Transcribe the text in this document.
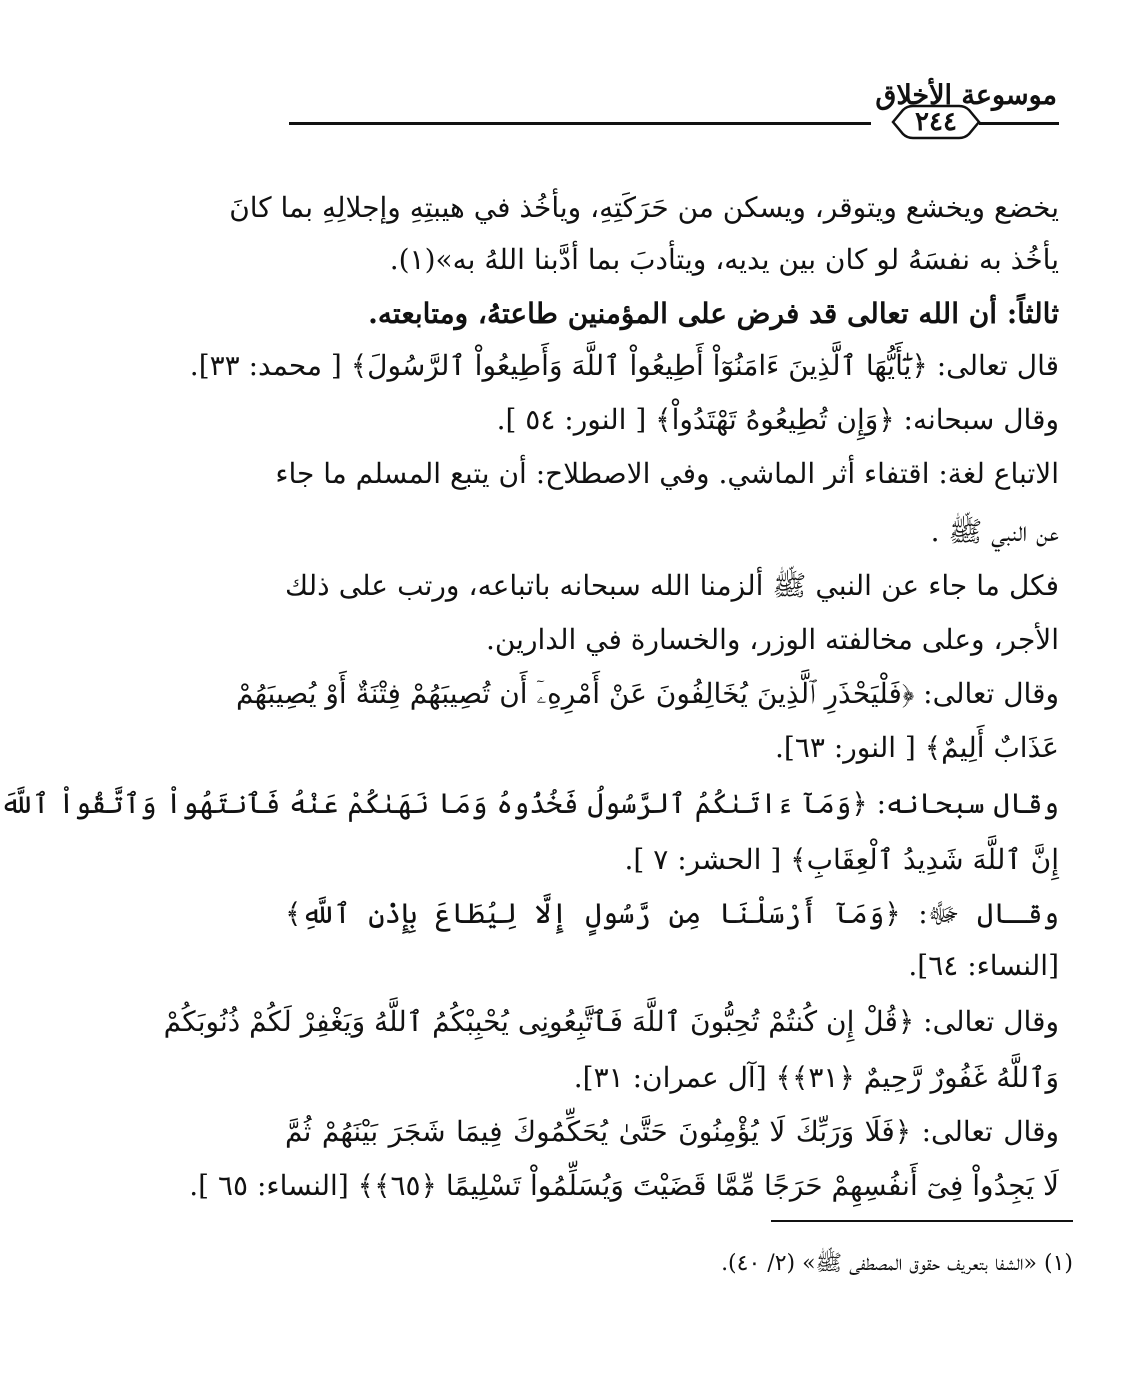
موسوعة الأخلاق
٢٤٤
يخضع ويخشع ويتوقر، ويسكن من حَرَكَتِهِ، ويأخُذ في هيبتِهِ وإجلالِهِ بما كانَ
يأخُذ به نفسَهُ لو كان بين يديه، ويتأدبَ بما أدَّبنا اللهُ به»(١).
ثالثاً: أن الله تعالى قد فرض على المؤمنين طاعتهُ، ومتابعته.
قال تعالى: ﴿يَٰٓأَيُّهَا ٱلَّذِينَ ءَامَنُوٓاْ أَطِيعُواْ ٱللَّهَ وَأَطِيعُواْ ٱلرَّسُولَ﴾ [ محمد: ٣٣].
وقال سبحانه: ﴿وَإِن تُطِيعُوهُ تَهْتَدُواْ﴾ [ النور: ٥٤ ].
الاتباع لغة: اقتفاء أثر الماشي. وفي الاصطلاح: أن يتبع المسلم ما جاء
عن النبي ﷺ .
فكل ما جاء عن النبي ﷺ ألزمنا الله سبحانه باتباعه، ورتب على ذلك
الأجر، وعلى مخالفته الوزر، والخسارة في الدارين.
وقال تعالى: ﴿فَلْيَحْذَرِ ٱلَّذِينَ يُخَالِفُونَ عَنْ أَمْرِهِۦٓ أَن تُصِيبَهُمْ فِتْنَةٌ أَوْ يُصِيبَهُمْ
عَذَابٌ أَلِيمٌ﴾ [ النور: ٦٣].
وقال سبحانه: ﴿وَمَآ ءَاتَىٰكُمُ ٱلرَّسُولُ فَخُذُوهُ وَمَا نَهَىٰكُمْ عَنْهُ فَٱنتَهُواْ وَٱتَّقُواْ ٱللَّهَ
إِنَّ ٱللَّهَ شَدِيدُ ٱلْعِقَابِ﴾ [ الحشر: ٧ ].
وقـال ﷻ: ﴿وَمَآ أَرْسَلْنَا مِن رَّسُولٍ إِلَّا لِيُطَاعَ بِإِذْنِ ٱللَّهِ﴾
[النساء: ٦٤].
وقال تعالى: ﴿قُلْ إِن كُنتُمْ تُحِبُّونَ ٱللَّهَ فَٱتَّبِعُونِى يُحْبِبْكُمُ ٱللَّهُ وَيَغْفِرْ لَكُمْ ذُنُوبَكُمْ
وَٱللَّهُ غَفُورٌ رَّحِيمٌ ﴿٣١﴾﴾ [آل عمران: ٣١].
وقال تعالى: ﴿فَلَا وَرَبِّكَ لَا يُؤْمِنُونَ حَتَّىٰ يُحَكِّمُوكَ فِيمَا شَجَرَ بَيْنَهُمْ ثُمَّ
لَا يَجِدُواْ فِىٓ أَنفُسِهِمْ حَرَجًا مِّمَّا قَضَيْتَ وَيُسَلِّمُواْ تَسْلِيمًا ﴿٦٥﴾﴾ [النساء: ٦٥ ].
(١) «الشفا بتعريف حقوق المصطفى ﷺ» (٢/ ٤٠).
